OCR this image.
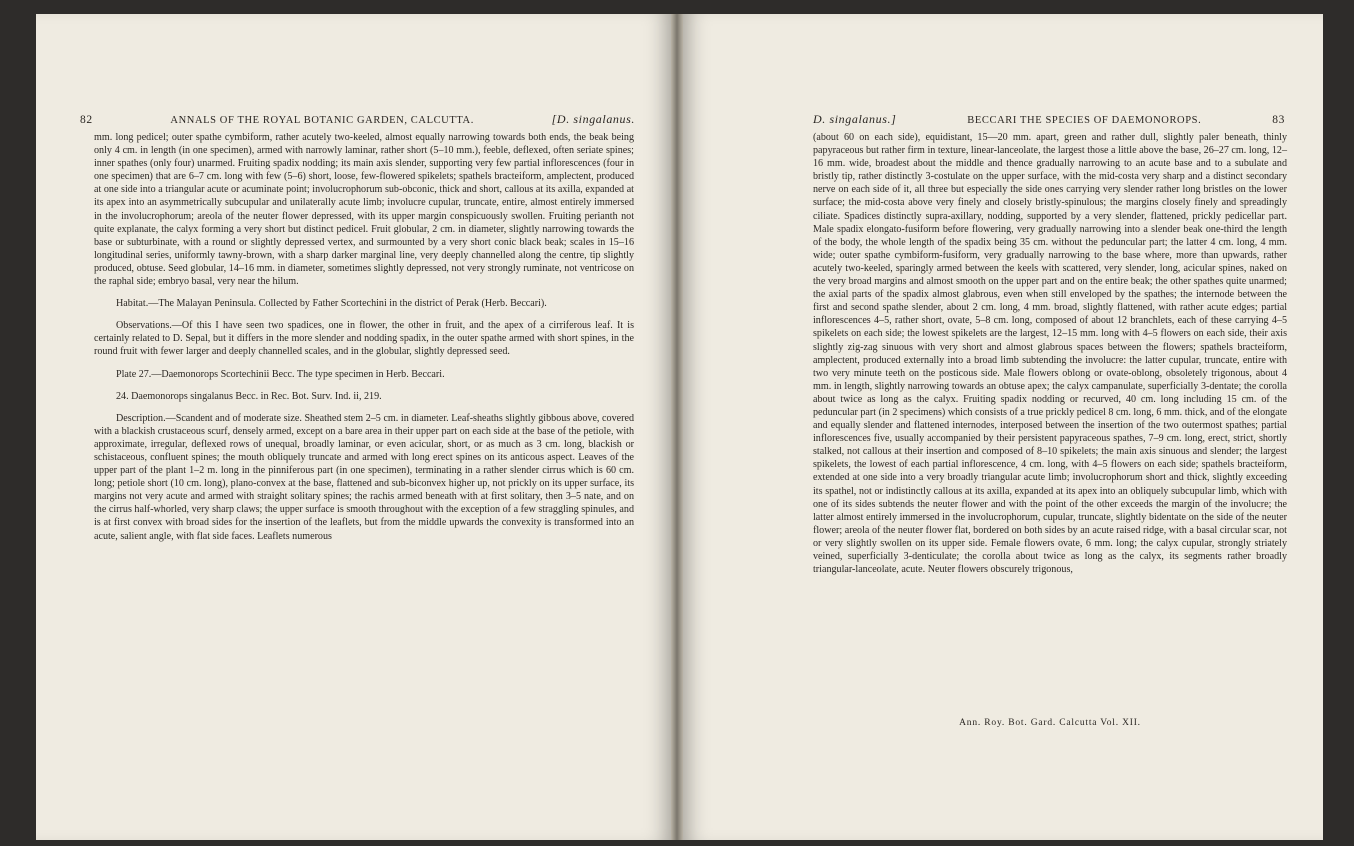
82	ANNALS OF THE ROYAL BOTANIC GARDEN, CALCUTTA.	[D. singalanus.

mm. long pedicel; outer spathe cymbiform, rather acutely two-keeled, almost equally narrowing towards both ends, the beak being only 4 cm. in length (in one specimen), armed with narrowly laminar, rather short (5–10 mm.), feeble, deflexed, often seriate spines; inner spathes (only four) unarmed. Fruiting spadix nodding; its main axis slender, supporting very few partial inflorescences (four in one specimen) that are 6–7 cm. long with few (5–6) short, loose, few-flowered spikelets; spathels bracteiform, amplectent, produced at one side into a triangular acute or acuminate point; involucrophorum sub-obconic, thick and short, callous at its axilla, expanded at its apex into an asymmetrically subcupular and unilaterally acute limb; involucre cupular, truncate, entire, almost entirely immersed in the involucrophorum; areola of the neuter flower depressed, with its upper margin conspicuously swollen. Fruiting perianth not quite explanate, the calyx forming a very short but distinct pedicel. Fruit globular, 2 cm. in diameter, slightly narrowing towards the base or subturbinate, with a round or slightly depressed vertex, and surmounted by a very short conic black beak; scales in 15–16 longitudinal series, uniformly tawny-brown, with a sharp darker marginal line, very deeply channelled along the centre, tip slightly produced, obtuse. Seed globular, 14–16 mm. in diameter, sometimes slightly depressed, not very strongly ruminate, not ventricose on the raphal side; embryo basal, very near the hilum.

Habitat.—The Malayan Peninsula. Collected by Father Scortechini in the district of Perak (Herb. Beccari).

Observations.—Of this I have seen two spadices, one in flower, the other in fruit, and the apex of a cirriferous leaf. It is certainly related to D. Sepal, but it differs in the more slender and nodding spadix, in the outer spathe armed with short spines, in the round fruit with fewer larger and deeply channelled scales, and in the globular, slightly depressed seed.

Plate 27.—Daemonorops Scortechinii Becc. The type specimen in Herb. Beccari.

24. Daemonorops singalanus Becc. in Rec. Bot. Surv. Ind. ii, 219.

Description.—Scandent and of moderate size. Sheathed stem 2–5 cm. in diameter. Leaf-sheaths slightly gibbous above, covered with a blackish crustaceous scurf, densely armed, except on a bare area in their upper part on each side at the base of the petiole, with approximate, irregular, deflexed rows of unequal, broadly laminar, or even acicular, short, or as much as 3 cm. long, blackish or schistaceous, confluent spines; the mouth obliquely truncate and armed with long erect spines on its anticous aspect. Leaves of the upper part of the plant 1–2 m. long in the pinniferous part (in one specimen), terminating in a rather slender cirrus which is 60 cm. long; petiole short (10 cm. long), plano-convex at the base, flattened and sub-biconvex higher up, not prickly on its upper surface, its margins not very acute and armed with straight solitary spines; the rachis armed beneath with at first solitary, then 3–5 nate, and on the cirrus half-whorled, very sharp claws; the upper surface is smooth throughout with the exception of a few straggling spinules, and is at first convex with broad sides for the insertion of the leaflets, but from the middle upwards the convexity is transformed into an acute, salient angle, with flat side faces. Leaflets numerous

D. singalanus.]	BECCARI THE SPECIES OF DAEMONOROPS.	83

(about 60 on each side), equidistant, 15—20 mm. apart, green and rather dull, slightly paler beneath, thinly papyraceous but rather firm in texture, linear-lanceolate, the largest those a little above the base, 26–27 cm. long, 12–16 mm. wide, broadest about the middle and thence gradually narrowing to an acute base and to a subulate and bristly tip, rather distinctly 3-costulate on the upper surface, with the mid-costa very sharp and a distinct secondary nerve on each side of it, all three but especially the side ones carrying very slender rather long bristles on the lower surface; the mid-costa above very finely and closely bristly-spinulous; the margins closely finely and spreadingly ciliate. Spadices distinctly supra-axillary, nodding, supported by a very slender, flattened, prickly pedicellar part. Male spadix elongato-fusiform before flowering, very gradually narrowing into a slender beak one-third the length of the body, the whole length of the spadix being 35 cm. without the peduncular part; the latter 4 cm. long, 4 mm. wide; outer spathe cymbiform-fusiform, very gradually narrowing to the base where, more than upwards, rather acutely two-keeled, sparingly armed between the keels with scattered, very slender, long, acicular spines, naked on the very broad margins and almost smooth on the upper part and on the entire beak; the other spathes quite unarmed; the axial parts of the spadix almost glabrous, even when still enveloped by the spathes; the internode between the first and second spathe slender, about 2 cm. long, 4 mm. broad, slightly flattened, with rather acute edges; partial inflorescences 4–5, rather short, ovate, 5–8 cm. long, composed of about 12 branchlets, each of these carrying 4–5 spikelets on each side; the lowest spikelets are the largest, 12–15 mm. long with 4–5 flowers on each side, their axis slightly zig-zag sinuous with very short and almost glabrous spaces between the flowers; spathels bracteiform, amplectent, produced externally into a broad limb subtending the involucre: the latter cupular, truncate, entire with two very minute teeth on the posticous side. Male flowers oblong or ovate-oblong, obsoletely trigonous, about 4 mm. in length, slightly narrowing towards an obtuse apex; the calyx campanulate, superficially 3-dentate; the corolla about twice as long as the calyx. Fruiting spadix nodding or recurved, 40 cm. long including 15 cm. of the peduncular part (in 2 specimens) which consists of a true prickly pedicel 8 cm. long, 6 mm. thick, and of the elongate and equally slender and flattened internodes, interposed between the insertion of the two outermost spathes; partial inflorescences five, usually accompanied by their persistent papyraceous spathes, 7–9 cm. long, erect, strict, shortly stalked, not callous at their insertion and composed of 8–10 spikelets; the main axis sinuous and slender; the largest spikelets, the lowest of each partial inflorescence, 4 cm. long, with 4–5 flowers on each side; spathels bracteiform, extended at one side into a very broadly triangular acute limb; involucrophorum short and thick, slightly exceeding its spathel, not or indistinctly callous at its axilla, expanded at its apex into an obliquely subcupular limb, which with one of its sides subtends the neuter flower and with the point of the other exceeds the margin of the involucre; the latter almost entirely immersed in the involucrophorum, cupular, truncate, slightly bidentate on the side of the neuter flower; areola of the neuter flower flat, bordered on both sides by an acute raised ridge, with a basal circular scar, not or very slightly swollen on its upper side. Female flowers ovate, 6 mm. long; the calyx cupular, strongly striately veined, superficially 3-denticulate; the corolla about twice as long as the calyx, its segments rather broadly triangular-lanceolate, acute. Neuter flowers obscurely trigonous,

Ann. Roy. Bot. Gard. Calcutta Vol. XII.
